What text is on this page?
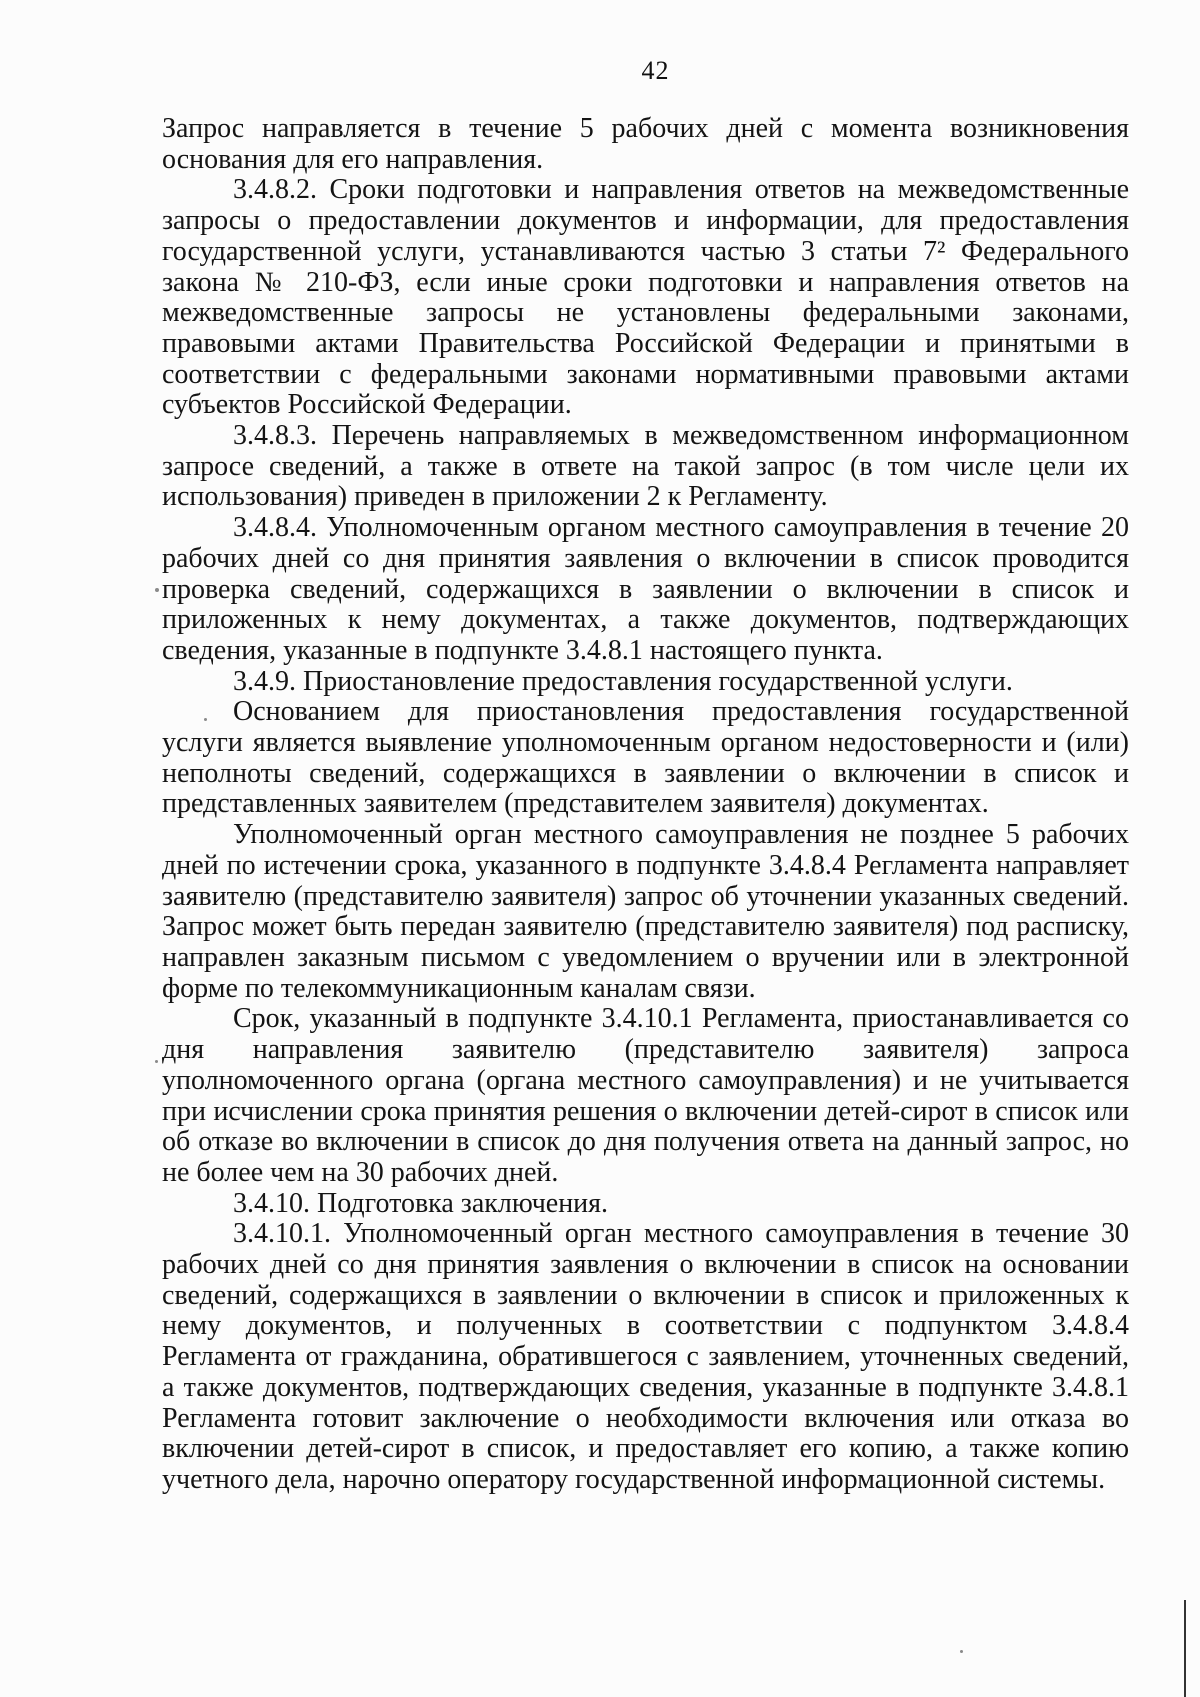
42

Запрос направляется в течение 5 рабочих дней с момента возникновения основания для его направления.

3.4.8.2. Сроки подготовки и направления ответов на межведомственные запросы о предоставлении документов и информации, для предоставления государственной услуги, устанавливаются частью 3 статьи 7² Федерального закона № 210-ФЗ, если иные сроки подготовки и направления ответов на межведомственные запросы не установлены федеральными законами, правовыми актами Правительства Российской Федерации и принятыми в соответствии с федеральными законами нормативными правовыми актами субъектов Российской Федерации.

3.4.8.3. Перечень направляемых в межведомственном информационном запросе сведений, а также в ответе на такой запрос (в том числе цели их использования) приведен в приложении 2 к Регламенту.

3.4.8.4. Уполномоченным органом местного самоуправления в течение 20 рабочих дней со дня принятия заявления о включении в список проводится проверка сведений, содержащихся в заявлении о включении в список и приложенных к нему документах, а также документов, подтверждающих сведения, указанные в подпункте 3.4.8.1 настоящего пункта.

3.4.9. Приостановление предоставления государственной услуги.

Основанием для приостановления предоставления государственной услуги является выявление уполномоченным органом недостоверности и (или) неполноты сведений, содержащихся в заявлении о включении в список и представленных заявителем (представителем заявителя) документах.

Уполномоченный орган местного самоуправления не позднее 5 рабочих дней по истечении срока, указанного в подпункте 3.4.8.4 Регламента направляет заявителю (представителю заявителя) запрос об уточнении указанных сведений. Запрос может быть передан заявителю (представителю заявителя) под расписку, направлен заказным письмом с уведомлением о вручении или в электронной форме по телекоммуникационным каналам связи.

Срок, указанный в подпункте 3.4.10.1 Регламента, приостанавливается со дня направления заявителю (представителю заявителя) запроса уполномоченного органа (органа местного самоуправления) и не учитывается при исчислении срока принятия решения о включении детей-сирот в список или об отказе во включении в список до дня получения ответа на данный запрос, но не более чем на 30 рабочих дней.

3.4.10. Подготовка заключения.

3.4.10.1. Уполномоченный орган местного самоуправления в течение 30 рабочих дней со дня принятия заявления о включении в список на основании сведений, содержащихся в заявлении о включении в список и приложенных к нему документов, и полученных в соответствии с подпунктом 3.4.8.4 Регламента от гражданина, обратившегося с заявлением, уточненных сведений, а также документов, подтверждающих сведения, указанные в подпункте 3.4.8.1 Регламента готовит заключение о необходимости включения или отказа во включении детей-сирот в список, и предоставляет его копию, а также копию учетного дела, нарочно оператору государственной информационной системы.
